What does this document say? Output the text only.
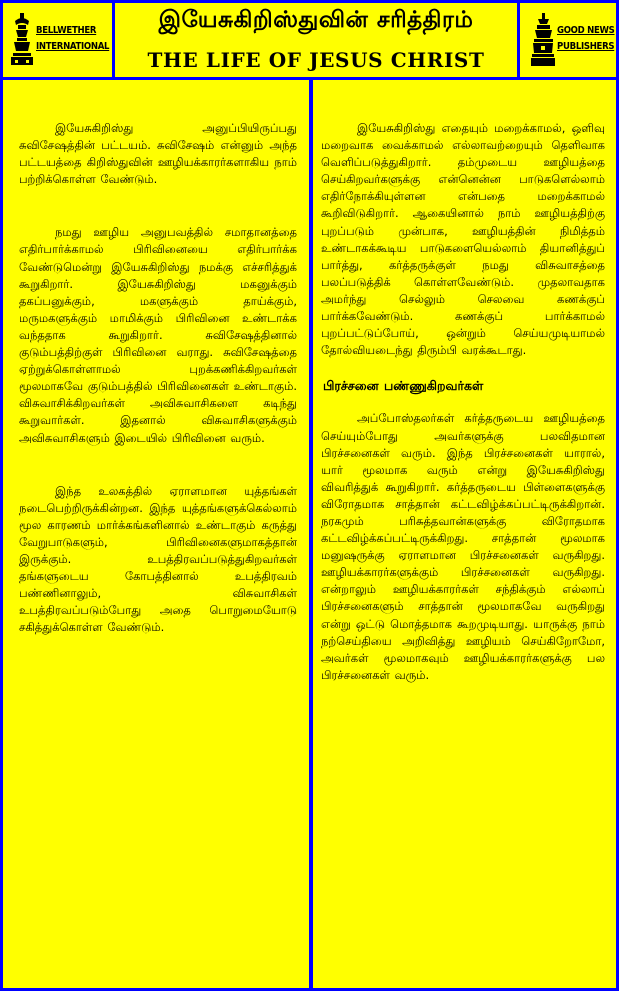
BELLWETHER
INTERNATIONAL
இயேசுகிறிஸ்துவின் சரித்திரம்
THE LIFE OF JESUS CHRIST
GOOD NEWS
PUBLISHERS

இயேசுகிறிஸ்து அனுப்பியிருப்பது சுவிசேஷத்தின் பட்டயம். சுவிசேஷம் என்னும் அந்த பட்டயத்தை கிறிஸ்துவின் ஊழியக்காரர்களாகிய நாம் பற்றிக்கொள்ள வேண்டும்.

நமது ஊழிய அனுபவத்தில் சமாதானத்தை எதிர்பார்க்காமல் பிரிவினையை எதிர்பார்க்க வேண்டுமென்று இயேசுகிறிஸ்து நமக்கு எச்சரித்துக் கூறுகிறார். இயேசுகிறிஸ்து மகனுக்கும் தகப்பனுக்கும், மகளுக்கும் தாய்க்கும், மருமகளுக்கும் மாமிக்கும் பிரிவினை உண்டாக்க வந்ததாக கூறுகிறார். சுவிசேஷத்தினால் குடும்பத்திற்குள் பிரிவினை வராது. சுவிசேஷத்தை ஏற்றுக்கொள்ளாமல் புறக்கணிக்கிறவர்கள் மூலமாகவே குடும்பத்தில் பிரிவினைகள் உண்டாகும். விசுவாசிக்கிறவர்கள் அவிசுவாசிகளை கடிந்து கூறுவார்கள். இதனால் விசுவாசிகளுக்கும் அவிசுவாசிகளும் இடையில் பிரிவினை வரும்.

இந்த உலகத்தில் ஏராளமான யுத்தங்கள் நடைபெற்றிருக்கின்றன. இந்த யுத்தங்களுக்கெல்லாம் மூல காரணம் மார்க்கங்களினால் உண்டாகும் கருத்து வேறுபாடுகளும், பிரிவினைகளுமாகத்தான் இருக்கும். உபத்திரவப்படுத்துகிறவர்கள் தங்களுடைய கோபத்தினால் உபத்திரவம் பண்ணினாலும், விசுவாசிகள் உபத்திரவப்படும்போது அதை பொறுமையோடு சகித்துக்கொள்ள வேண்டும்.

இயேசுகிறிஸ்து எதையும் மறைக்காமல், ஒளிவு மறைவாக வைக்காமல் எல்லாவற்றையும் தெளிவாக வெளிப்படுத்துகிறார். தம்முடைய ஊழியத்தை செய்கிறவர்களுக்கு என்னென்ன பாடுகளெல்லாம் எதிர்நோக்கியுள்ளன என்பதை மறைக்காமல் கூறிவிடுகிறார். ஆகையினால் நாம் ஊழியத்திற்கு புறப்படும் முன்பாக, ஊழியத்தின் நிமித்தம் உண்டாகக்கூடிய பாடுகளையெல்லாம் தியானித்துப் பார்த்து, கர்த்தருக்குள் நமது விசுவாசத்தை பலப்படுத்திக் கொள்ளவேண்டும். முதலாவதாக அமர்ந்து செல்லும் செலவை கணக்குப் பார்க்கவேண்டும். கணக்குப் பார்க்காமல் புறப்பட்டுப்போய், ஒன்றும் செய்யமுடியாமல் தோல்வியடைந்து திரும்பி வரக்கூடாது.

பிரச்சனை பண்ணுகிறவர்கள்

அப்போஸ்தலர்கள் கர்த்தருடைய ஊழியத்தை செய்யும்போது அவர்களுக்கு பலவிதமான பிரச்சனைகள் வரும். இந்த பிரச்சனைகள் யாரால், யார் மூலமாக வரும் என்று இயேசுகிறிஸ்து விவரித்துக் கூறுகிறார். கர்த்தருடைய பிள்ளைகளுக்கு விரோதமாக சாத்தான் கட்டவிழ்க்கப்பட்டிருக்கிறான். நரகமும் பரிசுத்தவான்களுக்கு விரோதமாக கட்டவிழ்க்கப்பட்டிருக்கிறது. சாத்தான் மூலமாக மனுஷருக்கு ஏராளமான பிரச்சனைகள் வருகிறது. ஊழியக்காரர்களுக்கும் பிரச்சனைகள் வருகிறது. என்றாலும் ஊழியக்காரர்கள் சந்திக்கும் எல்லாப் பிரச்சனைகளும் சாத்தான் மூலமாகவே வருகிறது என்று ஒட்டு மொத்தமாக கூறமுடியாது. யாருக்கு நாம் நற்செய்தியை அறிவித்து ஊழியம் செய்கிறோமோ, அவர்கள் மூலமாகவும் ஊழியக்காரர்களுக்கு பல பிரச்சனைகள் வரும்.
